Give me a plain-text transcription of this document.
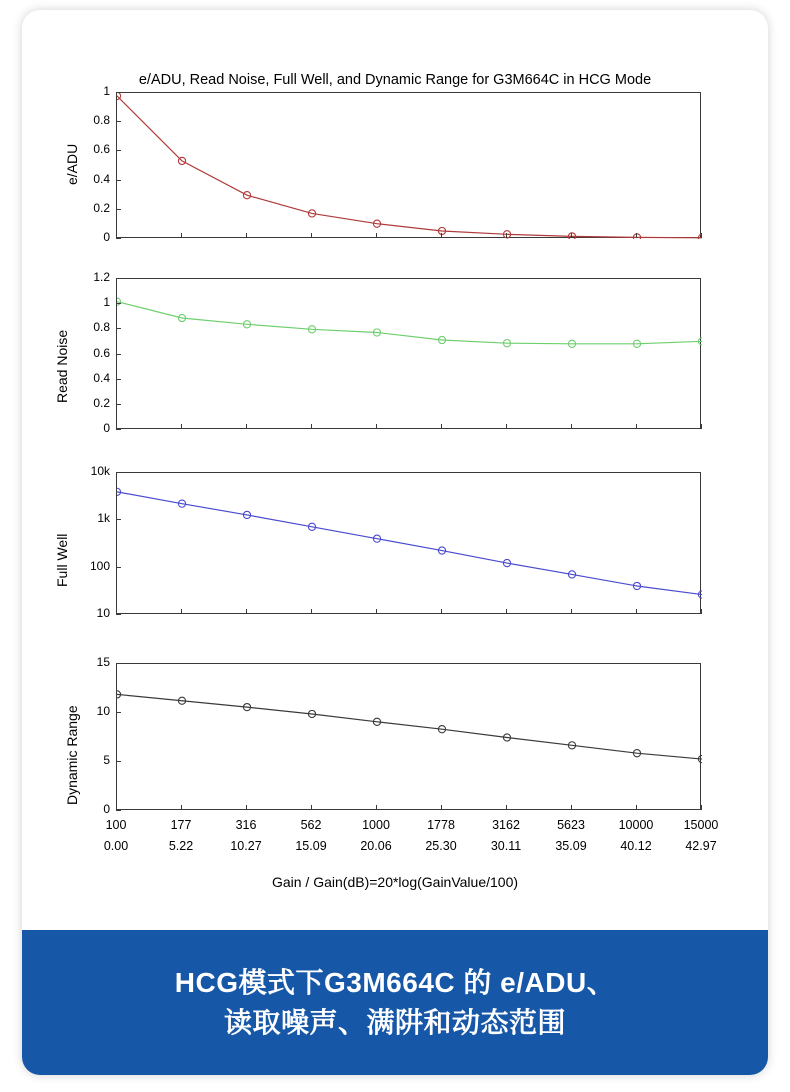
e/ADU, Read Noise, Full Well, and Dynamic Range for G3M664C in HCG Mode
e/ADU
Read Noise
Full Well
Dynamic Range
0
0.2
0.4
0.6
0.8
1
0
0.2
0.4
0.6
0.8
1
1.2
10
100
1k
10k
0
5
10
15
100
0.00
177
5.22
316
10.27
562
15.09
1000
20.06
1778
25.30
3162
30.11
5623
35.09
10000
40.12
15000
42.97
Gain / Gain(dB)=20*log(GainValue/100)
HCG模式下G3M664C 的 e/ADU、
读取噪声、满阱和动态范围
